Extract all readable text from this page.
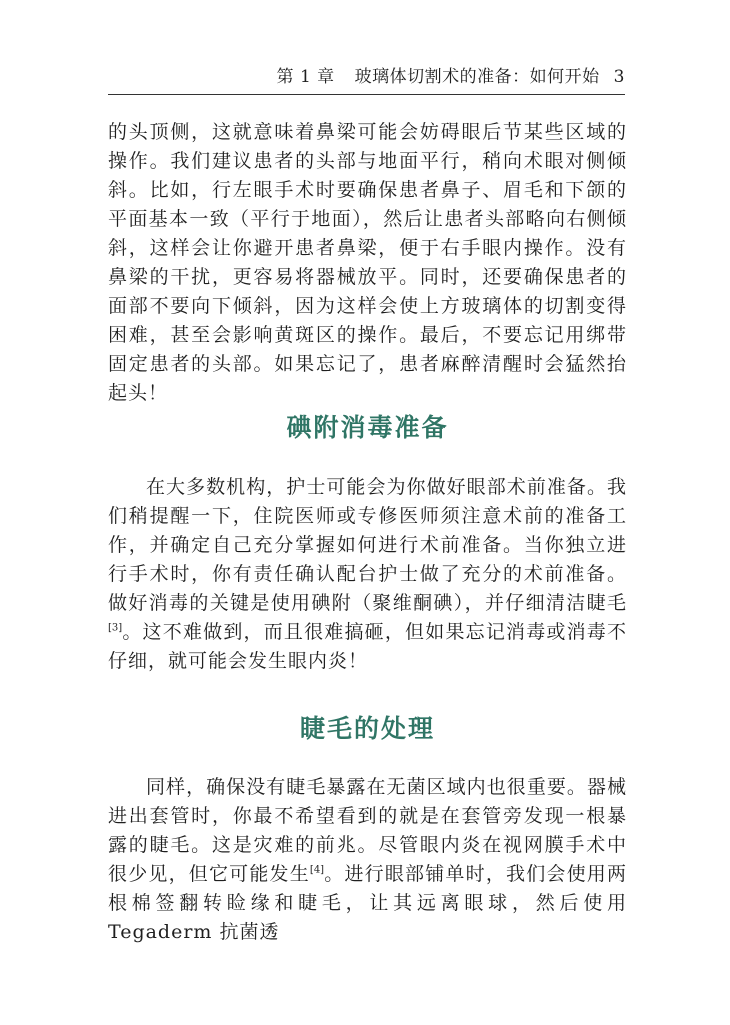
第 1 章 玻璃体切割术的准备：如何开始 3

的头顶侧，这就意味着鼻梁可能会妨碍眼后节某些区域的操作。我们建议患者的头部与地面平行，稍向术眼对侧倾斜。比如，行左眼手术时要确保患者鼻子、眉毛和下颌的平面基本一致（平行于地面），然后让患者头部略向右侧倾斜，这样会让你避开患者鼻梁，便于右手眼内操作。没有鼻梁的干扰，更容易将器械放平。同时，还要确保患者的面部不要向下倾斜，因为这样会使上方玻璃体的切割变得困难，甚至会影响黄斑区的操作。最后，不要忘记用绑带固定患者的头部。如果忘记了，患者麻醉清醒时会猛然抬起头！

碘附消毒准备

在大多数机构，护士可能会为你做好眼部术前准备。我们稍提醒一下，住院医师或专修医师须注意术前的准备工作，并确定自己充分掌握如何进行术前准备。当你独立进行手术时，你有责任确认配台护士做了充分的术前准备。做好消毒的关键是使用碘附（聚维酮碘），并仔细清洁睫毛[3]。这不难做到，而且很难搞砸，但如果忘记消毒或消毒不仔细，就可能会发生眼内炎！

睫毛的处理

同样，确保没有睫毛暴露在无菌区域内也很重要。器械进出套管时，你最不希望看到的就是在套管旁发现一根暴露的睫毛。这是灾难的前兆。尽管眼内炎在视网膜手术中很少见，但它可能发生[4]。进行眼部铺单时，我们会使用两根棉签翻转睑缘和睫毛，让其远离眼球，然后使用 Tegaderm 抗菌透
